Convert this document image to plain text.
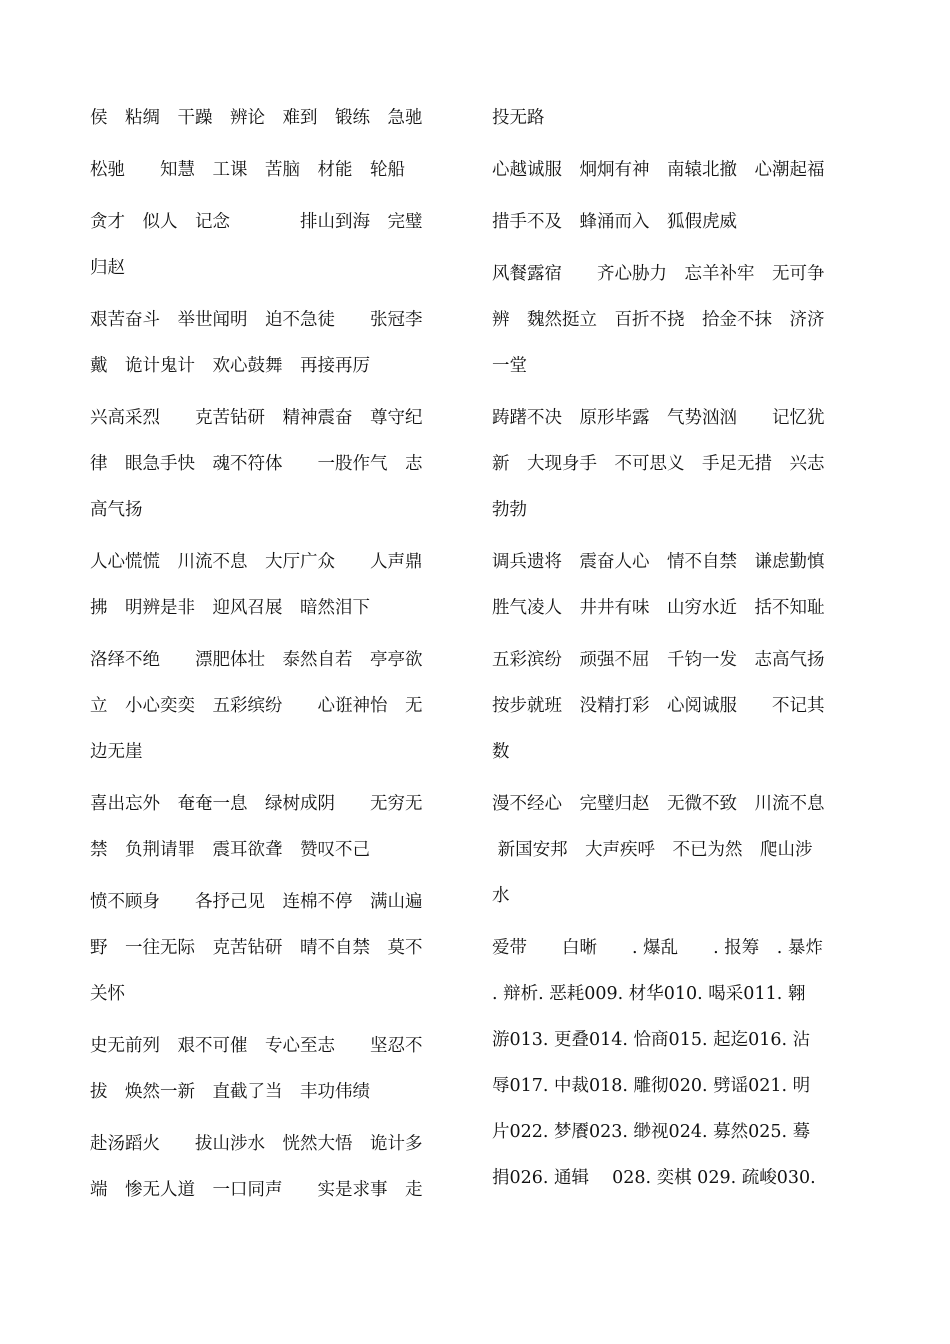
侯　粘绸　干躁　辨论　难到　锻练　急驰
松驰　　知慧　工课　苦脑　材能　轮船
贪才　似人　记念　　　　排山到海　完璧
归赵
艰苦奋斗　举世闻明　迫不急徒　　张冠李
戴　诡计鬼计　欢心鼓舞　再接再厉
兴高采烈　　克苦钻研　精神震奋　尊守纪
律　眼急手快　魂不符体　　一股作气　志
高气扬
人心慌慌　川流不息　大厅广众　　人声鼎
拂　明辨是非　迎风召展　暗然泪下
洛绎不绝　　漂肥体壮　泰然自若　亭亭欲
立　小心奕奕　五彩缤纷　　心诳神怡　无
边无崖
喜出忘外　奄奄一息　绿树成阴　　无穷无
禁　负荆请罪　震耳欲聋　赞叹不己
愤不顾身　　各抒己见　连棉不停　满山遍
野　一往无际　克苦钻研　晴不自禁　莫不
关怀
史无前列　艰不可催　专心至志　　坚忍不
拔　焕然一新　直截了当　丰功伟绩
赴汤蹈火　　拔山涉水　恍然大悟　诡计多
端　惨无人道　一口同声　　实是求事　走
投无路
心越诚服　炯炯有神　南辕北撤　心潮起福
措手不及　蜂涌而入　狐假虎威
风餐露宿　　齐心胁力　忘羊补牢　无可争
辨　魏然挺立　百折不挠　拾金不抹　济济
一堂
踌躇不决　原形毕露　气势汹汹　　记忆犹
新　大现身手　不可思义　手足无措　兴志
勃勃
调兵遗将　震奋人心　情不自禁　谦虑勤慎
胜气凌人　井井有味　山穷水近　括不知耻
五彩滨纷　顽强不屈　千钧一发　志高气扬
按步就班　没精打彩　心阅诚服　　不记其
数
漫不经心　完璧归赵　无微不致　川流不息
新国安邦　大声疾呼　不已为然　爬山涉
水
爱带　　白晰　　. 爆乱　　. 报筹　. 暴炸
. 辩析. 恶耗009. 材华010. 喝采011. 翱
游013. 更叠014. 恰商015. 起迄016. 沾
辱017. 中裁018. 雕彻020. 劈谣021. 明
片022. 梦餍023. 缈视024. 募然025. 蓦
捐026. 通辑　 028. 奕棋 029. 疏峻030.
